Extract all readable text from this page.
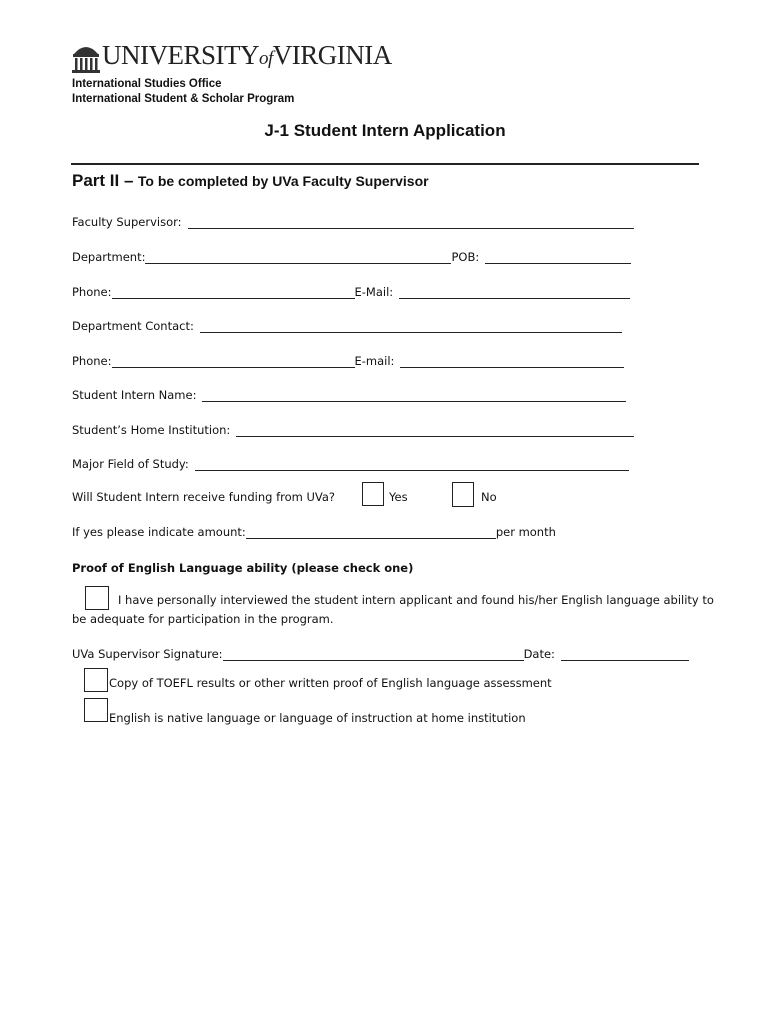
UNIVERSITYofVIRGINIA
International Studies Office
International Student & Scholar Program
J-1 Student Intern Application
Part II – To be completed by UVa Faculty Supervisor
Faculty Supervisor:
Department:	POB:
Phone:	E-Mail:
Department Contact:
Phone:	E-mail:
Student Intern Name:
Student’s Home Institution:
Major Field of Study:
Will Student Intern receive funding from UVa?	Yes	No
If yes please indicate amount:	per month
Proof of English Language ability (please check one)
I have personally interviewed the student intern applicant and found his/her English language ability to
be adequate for participation in the program.
UVa Supervisor Signature:	Date:
Copy of TOEFL results or other written proof of English language assessment
English is native language or language of instruction at home institution
